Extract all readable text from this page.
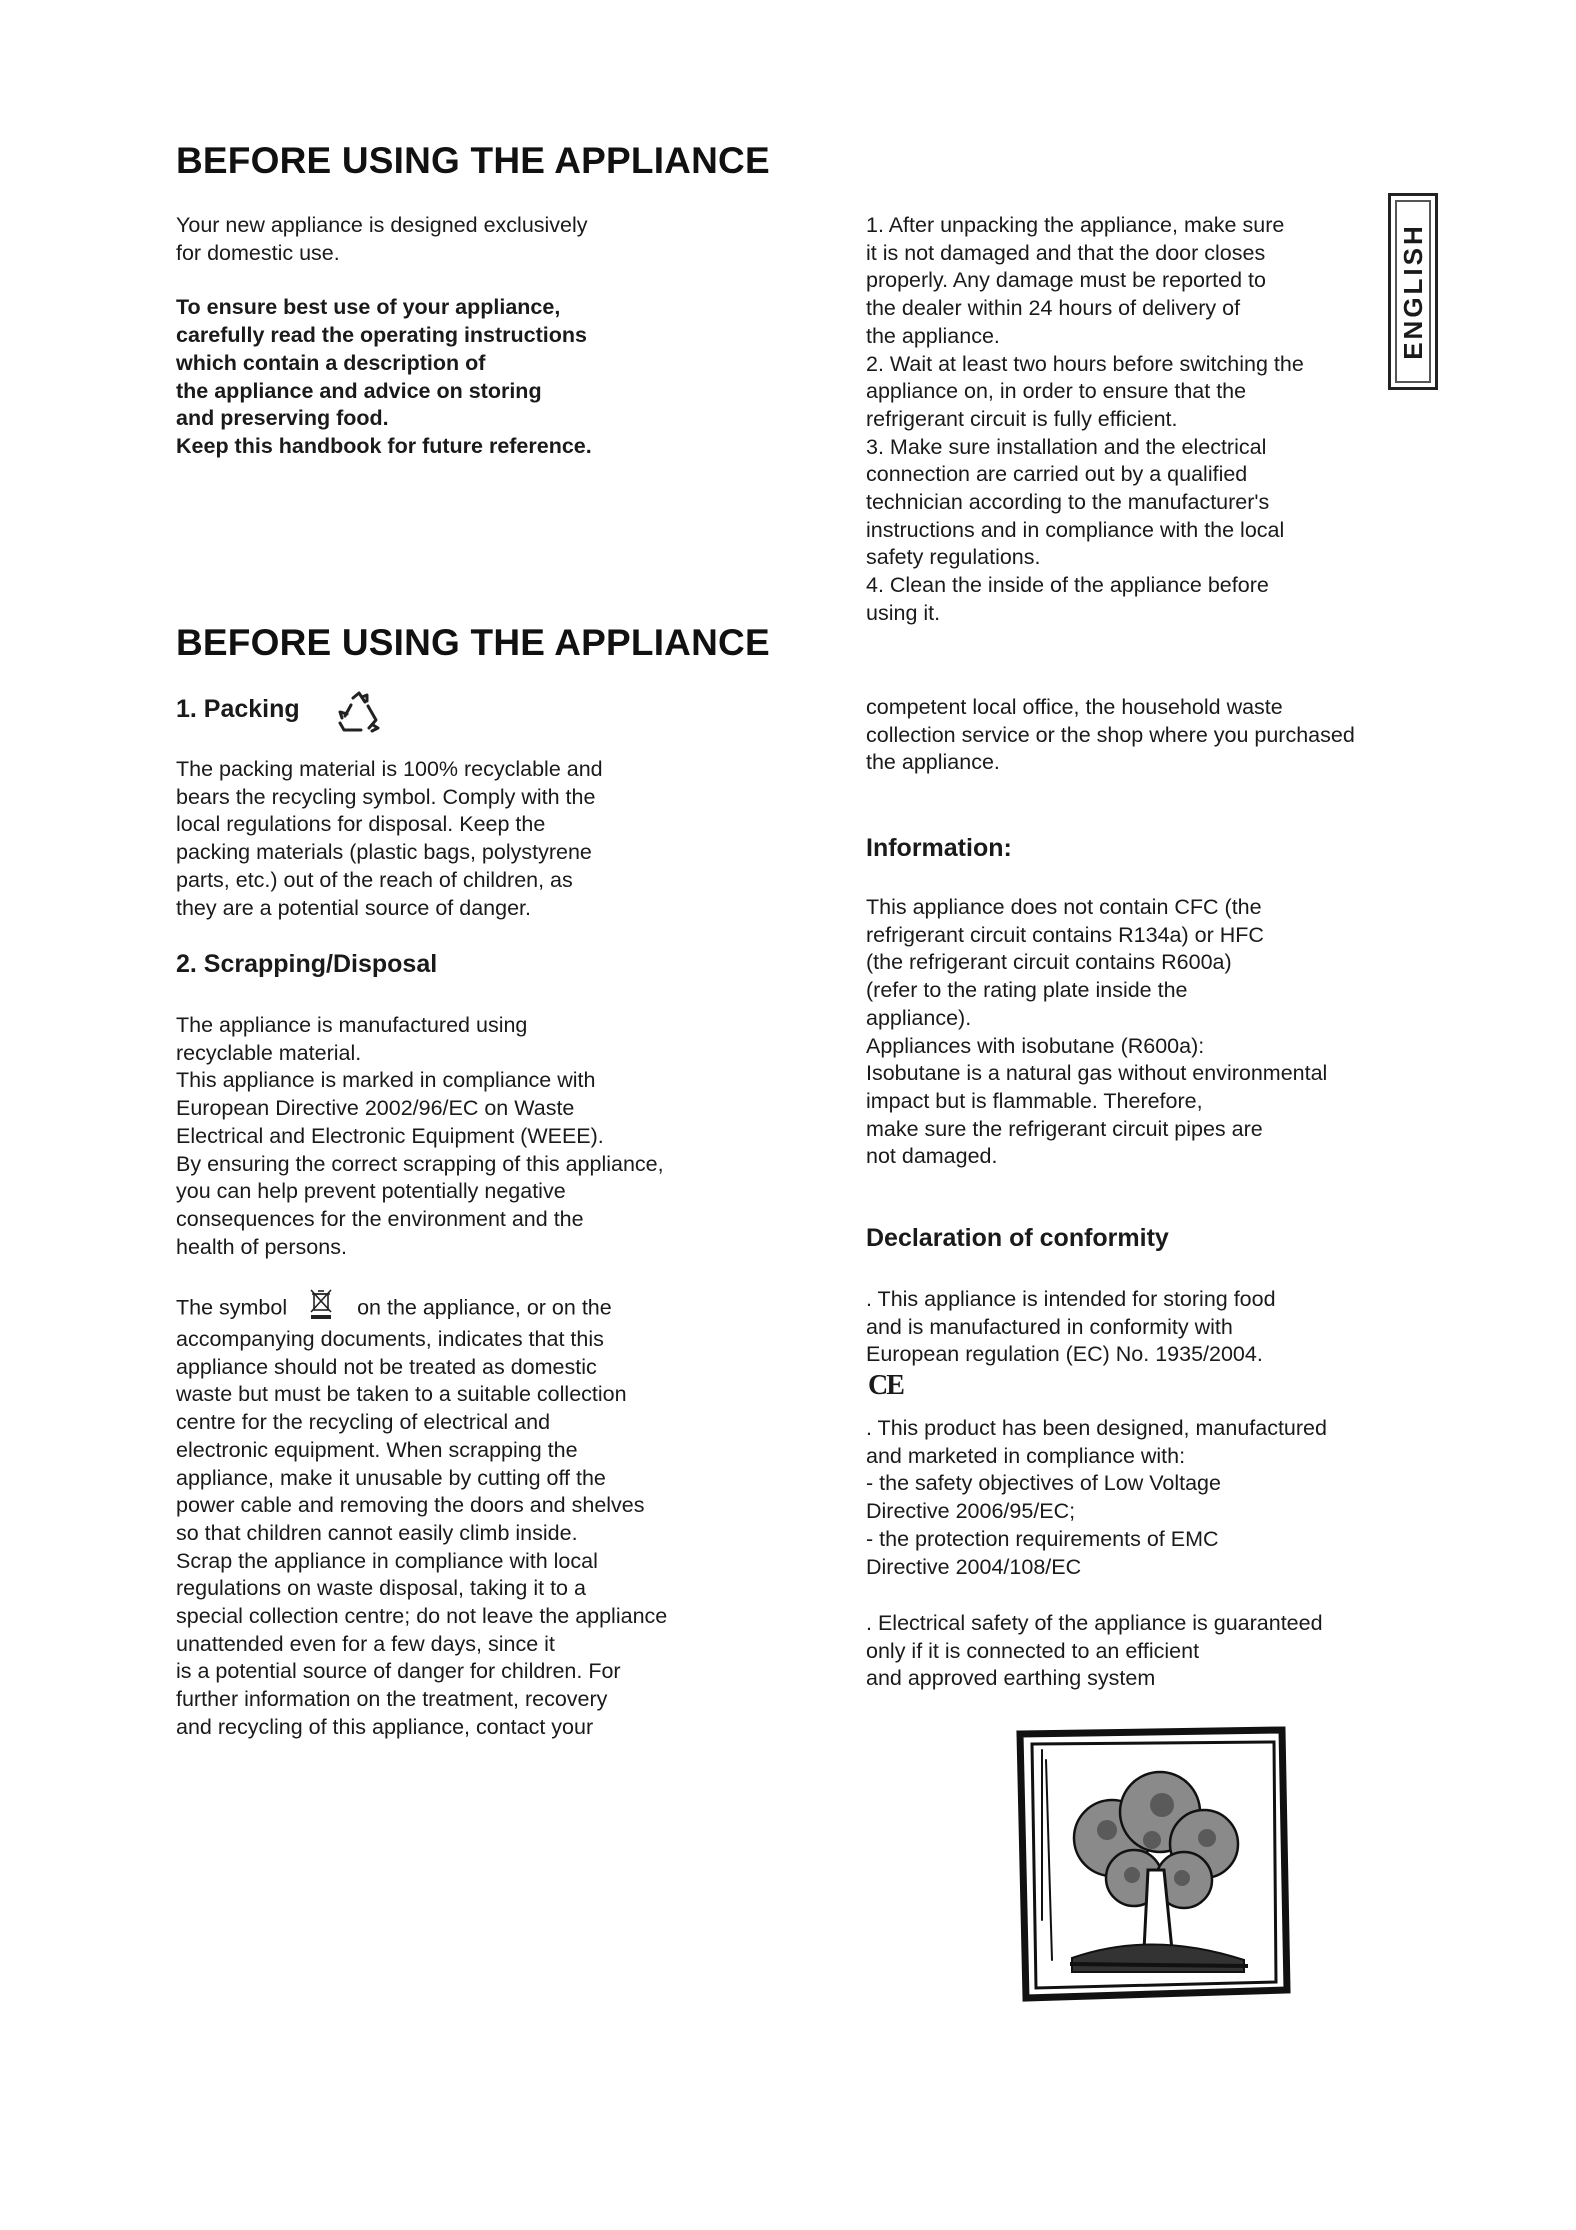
BEFORE USING THE APPLIANCE
Your new appliance is designed exclusively
for domestic use.
To ensure best use of your appliance,
carefully read the operating instructions
which contain a description of
the appliance and advice on storing
and preserving food.
Keep this handbook for future reference.
1. After unpacking the appliance, make sure
it is not damaged and that the door closes
properly. Any damage must be reported to
the dealer within 24 hours of delivery of
the appliance.
2. Wait at least two hours before switching the
appliance on, in order to ensure that the
refrigerant circuit is fully efficient.
3. Make sure installation and the electrical
connection are carried out by a qualified
technician according to the manufacturer's
instructions and in compliance with the local
safety regulations.
4. Clean the inside of the appliance before
using it.
ENGLISH
BEFORE USING THE APPLIANCE
1. Packing
The packing material is 100% recyclable and
bears the recycling symbol. Comply with the
local regulations for disposal. Keep the
packing materials (plastic bags, polystyrene
parts, etc.) out of the reach of children, as
they are a potential source of danger.
2. Scrapping/Disposal
The appliance is manufactured using
recyclable material.
This appliance is marked in compliance with
European Directive 2002/96/EC on Waste
Electrical and Electronic Equipment (WEEE).
By ensuring the correct scrapping of this appliance,
you can help prevent potentially negative
consequences for the environment and the
health of persons.
The symbol	on the appliance, or on the
accompanying documents, indicates that this
appliance should not be treated as domestic
waste but must be taken to a suitable collection
centre for the recycling of electrical and
electronic equipment. When scrapping the
appliance, make it unusable by cutting off the
power cable and removing the doors and shelves
so that children cannot easily climb inside.
Scrap the appliance in compliance with local
regulations on waste disposal, taking it to a
special collection centre; do not leave the appliance
unattended even for a few days, since it
is a potential source of danger for children. For
further information on the treatment, recovery
and recycling of this appliance, contact your
competent local office, the household waste
collection service or the shop where you purchased
the appliance.
Information:
This appliance does not contain CFC (the
refrigerant circuit contains R134a) or HFC
(the refrigerant circuit contains R600a)
(refer to the rating plate inside the
appliance).
Appliances with isobutane (R600a):
Isobutane is a natural gas without environmental
impact but is flammable. Therefore,
make sure the refrigerant circuit pipes are
not damaged.
Declaration of conformity
. This appliance is intended for storing food
and is manufactured in conformity with
European regulation (EC) No. 1935/2004.
CE
. This product has been designed, manufactured
and marketed in compliance with:
- the safety objectives of Low Voltage
Directive 2006/95/EC;
- the protection requirements of EMC
Directive 2004/108/EC
. Electrical safety of the appliance is guaranteed
only if it is connected to an efficient
and approved earthing system
